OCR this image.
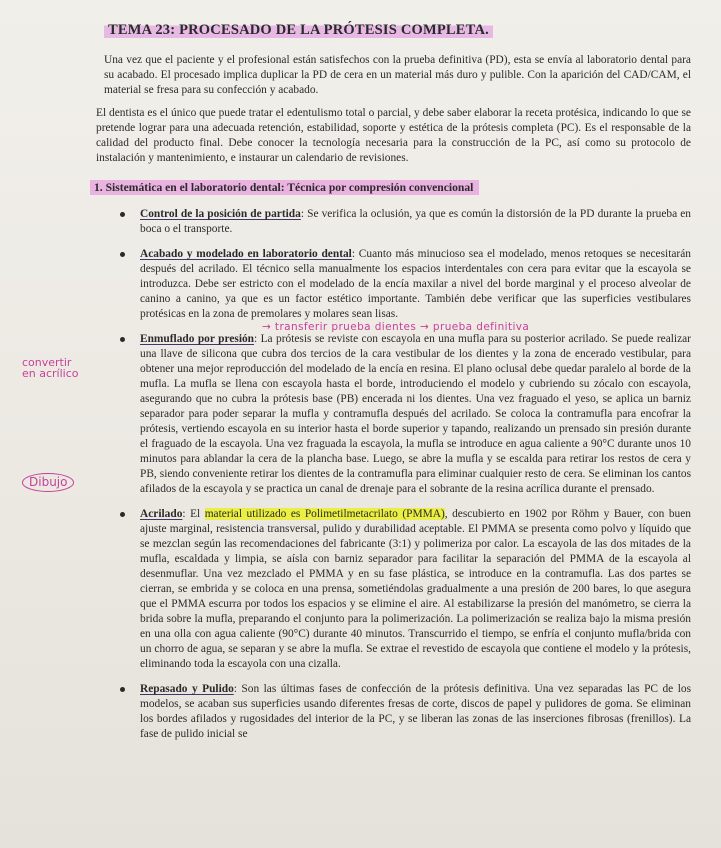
TEMA 23: PROCESADO DE LA PRÓTESIS COMPLETA.

Una vez que el paciente y el profesional están satisfechos con la prueba definitiva (PD), esta se envía al laboratorio dental para su acabado. El procesado implica duplicar la PD de cera en un material más duro y pulible. Con la aparición del CAD/CAM, el material se fresa para su confección y acabado.

El dentista es el único que puede tratar el edentulismo total o parcial, y debe saber elaborar la receta protésica, indicando lo que se pretende lograr para una adecuada retención, estabilidad, soporte y estética de la prótesis completa (PC). Es el responsable de la calidad del producto final. Debe conocer la tecnología necesaria para la construcción de la PC, así como su protocolo de instalación y mantenimiento, e instaurar un calendario de revisiones.

1. Sistemática en el laboratorio dental: Técnica por compresión convencional

Control de la posición de partida: Se verifica la oclusión, ya que es común la distorsión de la PD durante la prueba en boca o el transporte.

Acabado y modelado en laboratorio dental: Cuanto más minucioso sea el modelado, menos retoques se necesitarán después del acrilado. El técnico sella manualmente los espacios interdentales con cera para evitar que la escayola se introduzca. Debe ser estricto con el modelado de la encía maxilar a nivel del borde marginal y el proceso alveolar de canino a canino, ya que es un factor estético importante. También debe verificar que las superficies vestibulares protésicas en la zona de premolares y molares sean lisas.

Enmuflado por presión: La prótesis se reviste con escayola en una mufla para su posterior acrilado. Se puede realizar una llave de silicona que cubra dos tercios de la cara vestibular de los dientes y la zona de encerado vestibular, para obtener una mejor reproducción del modelado de la encía en resina. El plano oclusal debe quedar paralelo al borde de la mufla. La mufla se llena con escayola hasta el borde, introduciendo el modelo y cubriendo su zócalo con escayola, asegurando que no cubra la prótesis base (PB) encerada ni los dientes. Una vez fraguado el yeso, se aplica un barniz separador para poder separar la mufla y contramufla después del acrilado. Se coloca la contramufla para encofrar la prótesis, vertiendo escayola en su interior hasta el borde superior y tapando, realizando un prensado sin presión durante el fraguado de la escayola. Una vez fraguada la escayola, la mufla se introduce en agua caliente a 90°C durante unos 10 minutos para ablandar la cera de la plancha base. Luego, se abre la mufla y se escalda para retirar los restos de cera y PB, siendo conveniente retirar los dientes de la contramufla para eliminar cualquier resto de cera. Se eliminan los cantos afilados de la escayola y se practica un canal de drenaje para el sobrante de la resina acrílica durante el prensado.

Acrilado: El material utilizado es Polimetilmetacrilato (PMMA), descubierto en 1902 por Röhm y Bauer, con buen ajuste marginal, resistencia transversal, pulido y durabilidad aceptable. El PMMA se presenta como polvo y líquido que se mezclan según las recomendaciones del fabricante (3:1) y polimeriza por calor. La escayola de las dos mitades de la mufla, escaldada y limpia, se aísla con barniz separador para facilitar la separación del PMMA de la escayola al desenmuflar. Una vez mezclado el PMMA y en su fase plástica, se introduce en la contramufla. Las dos partes se cierran, se embrida y se coloca en una prensa, sometiéndolas gradualmente a una presión de 200 bares, lo que asegura que el PMMA escurra por todos los espacios y se elimine el aire. Al estabilizarse la presión del manómetro, se cierra la brida sobre la mufla, preparando el conjunto para la polimerización. La polimerización se realiza bajo la misma presión en una olla con agua caliente (90°C) durante 40 minutos. Transcurrido el tiempo, se enfría el conjunto mufla/brida con un chorro de agua, se separan y se abre la mufla. Se extrae el revestido de escayola que contiene el modelo y la prótesis, eliminando toda la escayola con una cizalla.

Repasado y Pulido: Son las últimas fases de confección de la prótesis definitiva. Una vez separadas las PC de los modelos, se acaban sus superficies usando diferentes fresas de corte, discos de papel y pulidores de goma. Se eliminan los bordes afilados y rugosidades del interior de la PC, y se liberan las zonas de las inserciones fibrosas (frenillos). La fase de pulido inicial se

→ transferir prueba dientes → prueba definitiva
convertir en acrílico
Dibujo
